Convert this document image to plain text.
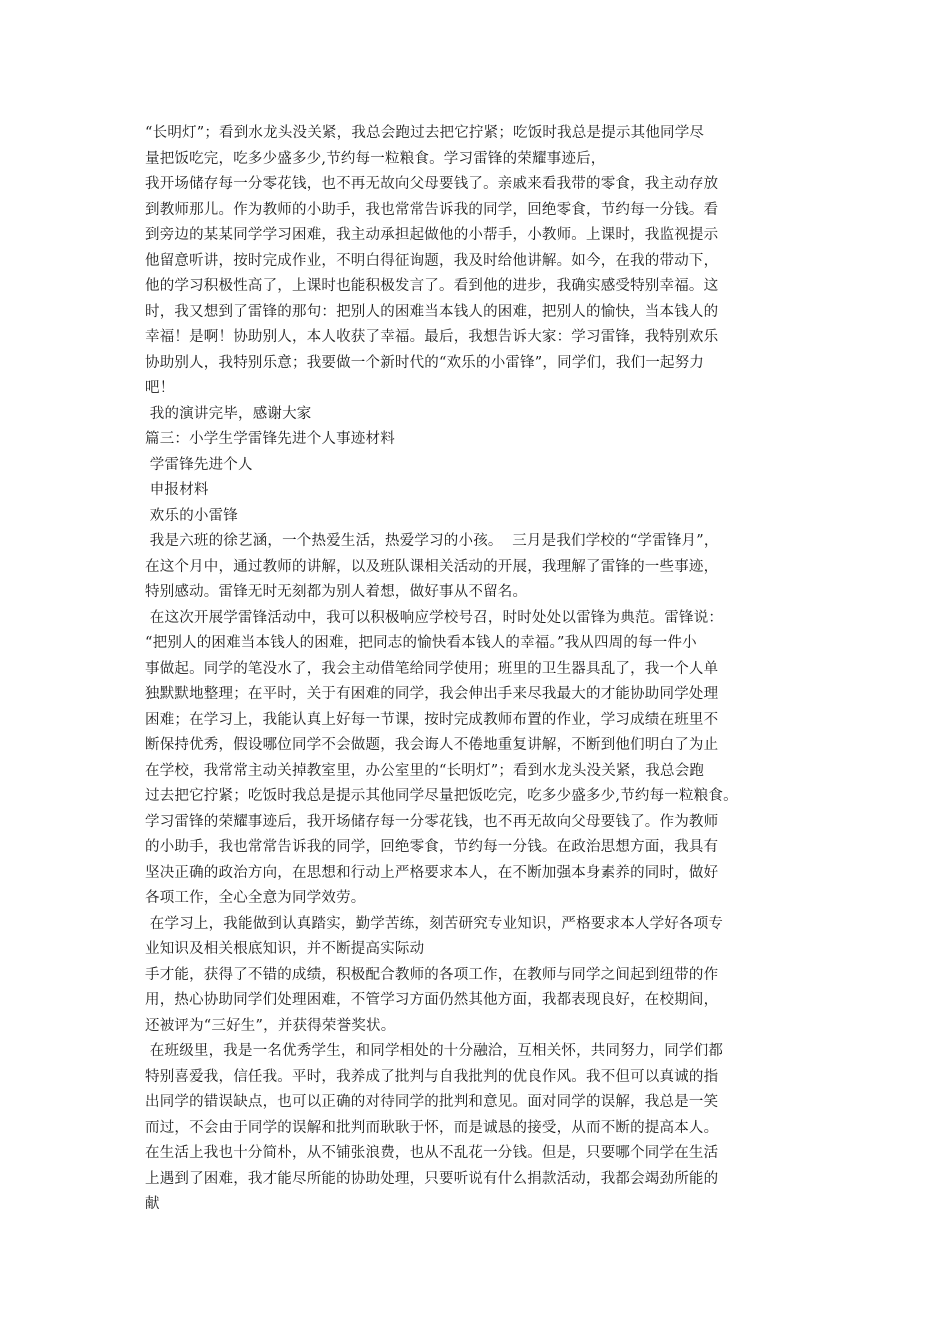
“长明灯”；看到水龙头没关紧，我总会跑过去把它拧紧；吃饭时我总是提示其他同学尽
量把饭吃完，吃多少盛多少,节约每一粒粮食。学习雷锋的荣耀事迹后，
我开场储存每一分零花钱，也不再无故向父母要钱了。亲戚来看我带的零食，我主动存放
到教师那儿。作为教师的小助手，我也常常告诉我的同学，回绝零食，节约每一分钱。看
到旁边的某某同学学习困难，我主动承担起做他的小帮手，小教师。上课时，我监视提示
他留意听讲，按时完成作业，不明白得征询题，我及时给他讲解。如今，在我的带动下，
他的学习积极性高了，上课时也能积极发言了。看到他的进步，我确实感受特别幸福。这
时，我又想到了雷锋的那句：把别人的困难当本钱人的困难，把别人的愉快，当本钱人的
幸福！是啊！协助别人，本人收获了幸福。最后，我想告诉大家：学习雷锋，我特别欢乐
协助别人，我特别乐意；我要做一个新时代的“欢乐的小雷锋”，同学们，我们一起努力
吧！
我的演讲完毕，感谢大家
篇三：小学生学雷锋先进个人事迹材料
学雷锋先进个人
申报材料
欢乐的小雷锋
我是六班的徐艺涵，一个热爱生活，热爱学习的小孩。  三月是我们学校的“学雷锋月”，
在这个月中，通过教师的讲解，以及班队课相关活动的开展，我理解了雷锋的一些事迹，
特别感动。雷锋无时无刻都为别人着想，做好事从不留名。
在这次开展学雷锋活动中，我可以积极响应学校号召，时时处处以雷锋为典范。雷锋说：
“把别人的困难当本钱人的困难，把同志的愉快看本钱人的幸福。”我从四周的每一件小
事做起。同学的笔没水了，我会主动借笔给同学使用；班里的卫生器具乱了，我一个人单
独默默地整理；在平时，关于有困难的同学，我会伸出手来尽我最大的才能协助同学处理
困难；在学习上，我能认真上好每一节课，按时完成教师布置的作业，学习成绩在班里不
断保持优秀，假设哪位同学不会做题，我会诲人不倦地重复讲解，不断到他们明白了为止
在学校，我常常主动关掉教室里，办公室里的“长明灯”；看到水龙头没关紧，我总会跑
过去把它拧紧；吃饭时我总是提示其他同学尽量把饭吃完，吃多少盛多少,节约每一粒粮食。
学习雷锋的荣耀事迹后，我开场储存每一分零花钱，也不再无故向父母要钱了。作为教师
的小助手，我也常常告诉我的同学，回绝零食，节约每一分钱。在政治思想方面，我具有
坚决正确的政治方向，在思想和行动上严格要求本人，在不断加强本身素养的同时，做好
各项工作，全心全意为同学效劳。
在学习上，我能做到认真踏实，勤学苦练，刻苦研究专业知识，严格要求本人学好各项专
业知识及相关根底知识，并不断提高实际动
手才能，获得了不错的成绩，积极配合教师的各项工作，在教师与同学之间起到纽带的作
用，热心协助同学们处理困难，不管学习方面仍然其他方面，我都表现良好，在校期间，
还被评为“三好生”，并获得荣誉奖状。
在班级里，我是一名优秀学生，和同学相处的十分融洽，互相关怀，共同努力，同学们都
特别喜爱我，信任我。平时，我养成了批判与自我批判的优良作风。我不但可以真诚的指
出同学的错误缺点，也可以正确的对待同学的批判和意见。面对同学的误解，我总是一笑
而过，不会由于同学的误解和批判而耿耿于怀，而是诚恳的接受，从而不断的提高本人。
在生活上我也十分简朴，从不铺张浪费，也从不乱花一分钱。但是，只要哪个同学在生活
上遇到了困难，我才能尽所能的协助处理，只要听说有什么捐款活动，我都会竭劲所能的
献
